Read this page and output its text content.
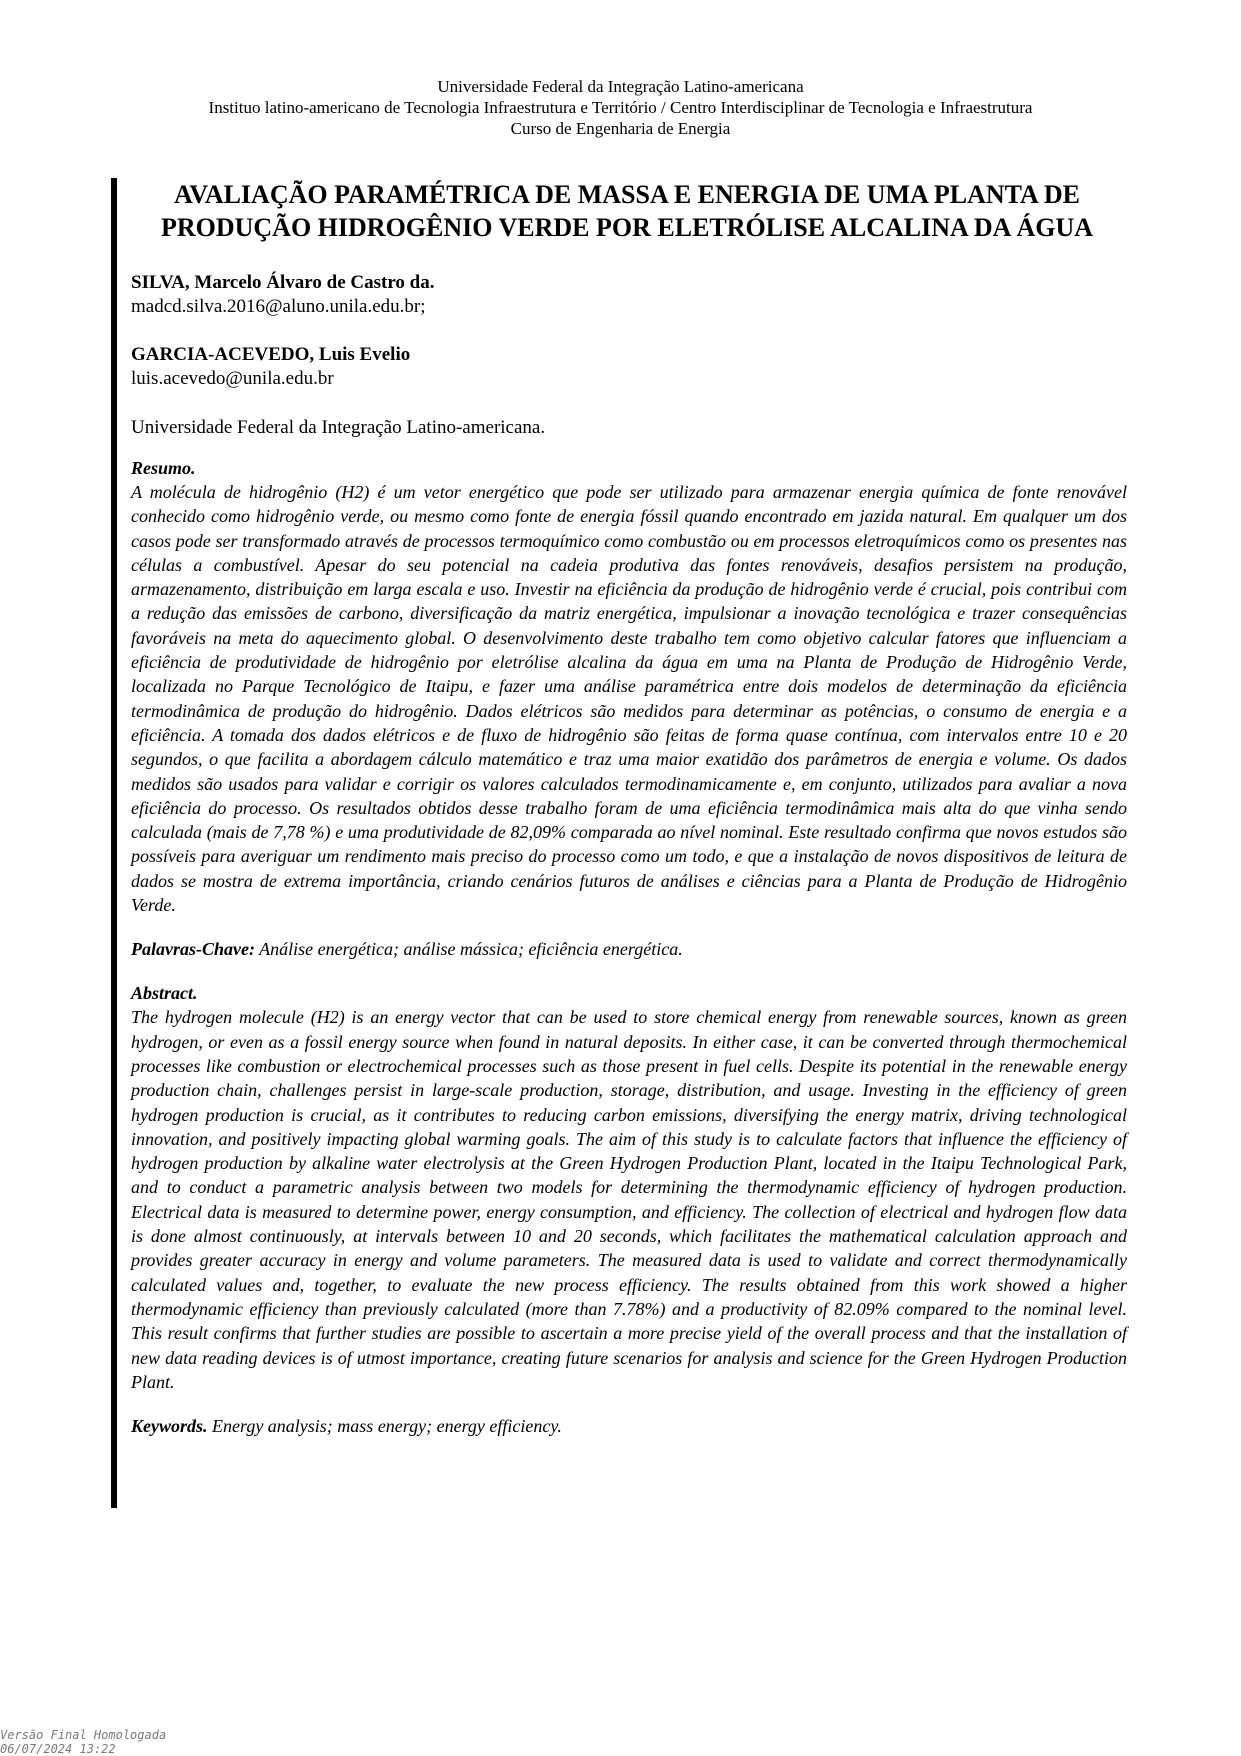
Universidade Federal da Integração Latino-americana
Instituo latino-americano de Tecnologia Infraestrutura e Território / Centro Interdisciplinar de Tecnologia e Infraestrutura
Curso de Engenharia de Energia
AVALIAÇÃO PARAMÉTRICA DE MASSA E ENERGIA DE UMA PLANTA DE
PRODUÇÃO HIDROGÊNIO VERDE POR ELETRÓLISE ALCALINA DA ÁGUA

SILVA, Marcelo Álvaro de Castro da.

madcd.silva.2016@aluno.unila.edu.br;

GARCIA-ACEVEDO, Luis Evelio

luis.acevedo@unila.edu.br

Universidade Federal da Integração Latino-americana.

Resumo.

A molécula de hidrogênio (H2) é um vetor energético que pode ser utilizado para armazenar energia química de fonte renovável conhecido como hidrogênio verde, ou mesmo como fonte de energia fóssil quando encontrado em jazida natural. Em qualquer um dos casos pode ser transformado através de processos termoquímico como combustão ou em processos eletroquímicos como os presentes nas células a combustível. Apesar do seu potencial na cadeia produtiva das fontes renováveis, desafios persistem na produção, armazenamento, distribuição em larga escala e uso. Investir na eficiência da produção de hidrogênio verde é crucial, pois contribui com a redução das emissões de carbono, diversificação da matriz energética, impulsionar a inovação tecnológica e trazer consequências favoráveis na meta do aquecimento global. O desenvolvimento deste trabalho tem como objetivo calcular fatores que influenciam a eficiência de produtividade de hidrogênio por eletrólise alcalina da água em uma na Planta de Produção de Hidrogênio Verde, localizada no Parque Tecnológico de Itaipu, e fazer uma análise paramétrica entre dois modelos de determinação da eficiência termodinâmica de produção do hidrogênio. Dados elétricos são medidos para determinar as potências, o consumo de energia e a eficiência. A tomada dos dados elétricos e de fluxo de hidrogênio são feitas de forma quase contínua, com intervalos entre 10 e 20 segundos, o que facilita a abordagem cálculo matemático e traz uma maior exatidão dos parâmetros de energia e volume. Os dados medidos são usados para validar e corrigir os valores calculados termodinamicamente e, em conjunto, utilizados para avaliar a nova eficiência do processo. Os resultados obtidos desse trabalho foram de uma eficiência termodinâmica mais alta do que vinha sendo calculada (mais de 7,78 %) e uma produtividade de 82,09% comparada ao nível nominal. Este resultado confirma que novos estudos são possíveis para averiguar um rendimento mais preciso do processo como um todo, e que a instalação de novos dispositivos de leitura de dados se mostra de extrema importância, criando cenários futuros de análises e ciências para a Planta de Produção de Hidrogênio Verde.

Palavras-Chave: Análise energética; análise mássica; eficiência energética.

Abstract.

The hydrogen molecule (H2) is an energy vector that can be used to store chemical energy from renewable sources, known as green hydrogen, or even as a fossil energy source when found in natural deposits. In either case, it can be converted through thermochemical processes like combustion or electrochemical processes such as those present in fuel cells. Despite its potential in the renewable energy production chain, challenges persist in large-scale production, storage, distribution, and usage. Investing in the efficiency of green hydrogen production is crucial, as it contributes to reducing carbon emissions, diversifying the energy matrix, driving technological innovation, and positively impacting global warming goals. The aim of this study is to calculate factors that influence the efficiency of hydrogen production by alkaline water electrolysis at the Green Hydrogen Production Plant, located in the Itaipu Technological Park, and to conduct a parametric analysis between two models for determining the thermodynamic efficiency of hydrogen production. Electrical data is measured to determine power, energy consumption, and efficiency. The collection of electrical and hydrogen flow data is done almost continuously, at intervals between 10 and 20 seconds, which facilitates the mathematical calculation approach and provides greater accuracy in energy and volume parameters. The measured data is used to validate and correct thermodynamically calculated values and, together, to evaluate the new process efficiency. The results obtained from this work showed a higher thermodynamic efficiency than previously calculated (more than 7.78%) and a productivity of 82.09% compared to the nominal level. This result confirms that further studies are possible to ascertain a more precise yield of the overall process and that the installation of new data reading devices is of utmost importance, creating future scenarios for analysis and science for the Green Hydrogen Production Plant.

Keywords. Energy analysis; mass energy; energy efficiency.

Versão Final Homologada
06/07/2024 13:22
